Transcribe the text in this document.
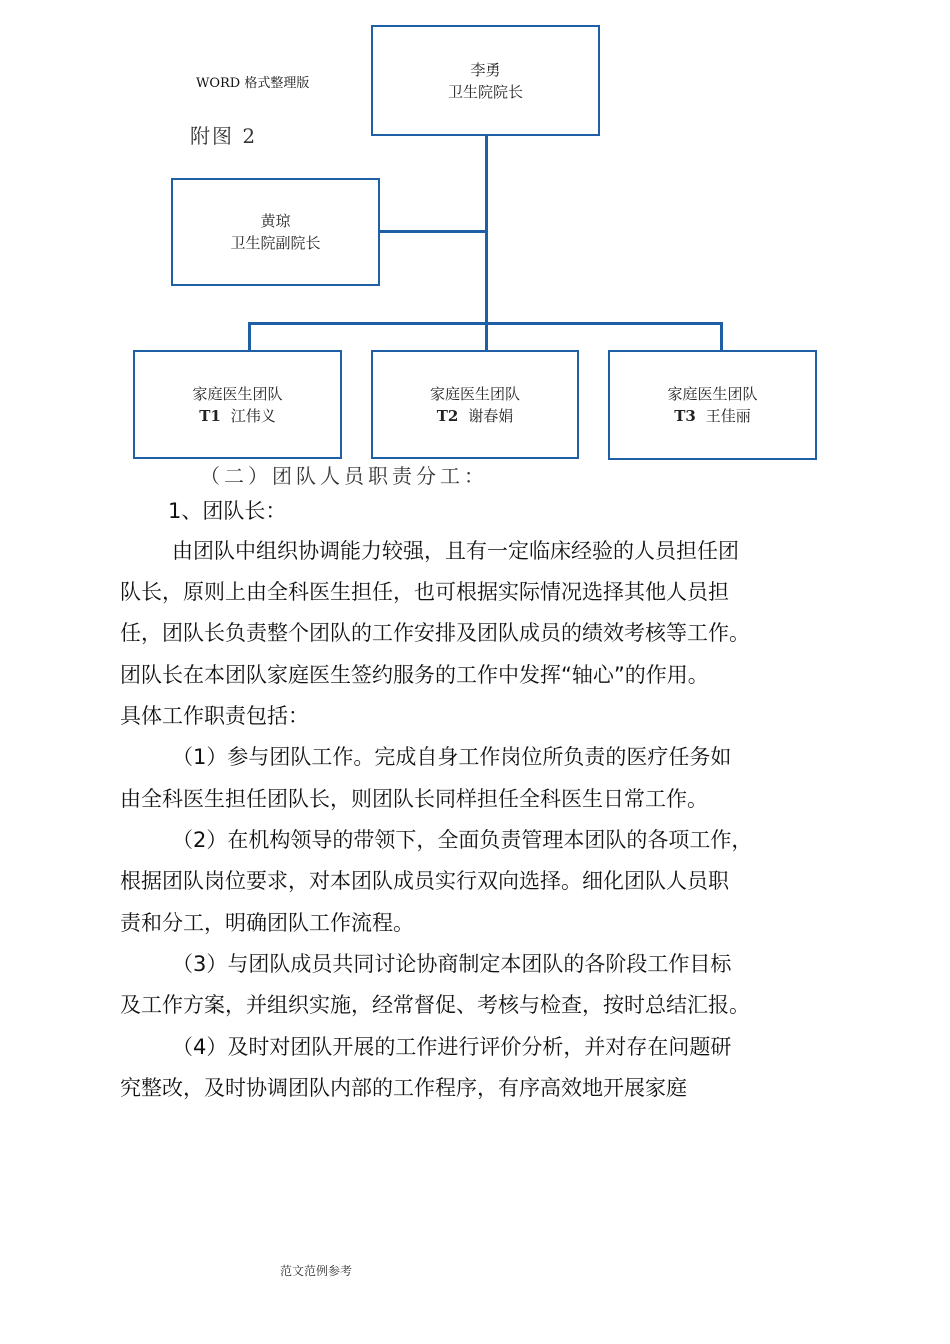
WORD 格式整理版
附图 2
李勇
卫生院院长
黄琼
卫生院副院长
家庭医生团队
T1 江伟义
家庭医生团队
T2 谢春娟
家庭医生团队
T3 王佳丽
（二）团队人员职责分工：
1、团队长：
由团队中组织协调能力较强，且有一定临床经验的人员担任团
队长，原则上由全科医生担任，也可根据实际情况选择其他人员担
任，团队长负责整个团队的工作安排及团队成员的绩效考核等工作。
团队长在本团队家庭医生签约服务的工作中发挥“轴心”的作用。
具体工作职责包括：
（1）参与团队工作。完成自身工作岗位所负责的医疗任务如
由全科医生担任团队长，则团队长同样担任全科医生日常工作。
（2）在机构领导的带领下，全面负责管理本团队的各项工作，
根据团队岗位要求，对本团队成员实行双向选择。细化团队人员职
责和分工，明确团队工作流程。
（3）与团队成员共同讨论协商制定本团队的各阶段工作目标
及工作方案，并组织实施，经常督促、考核与检查，按时总结汇报。
（4）及时对团队开展的工作进行评价分析，并对存在问题研
究整改，及时协调团队内部的工作程序，有序高效地开展家庭
范文范例参考
